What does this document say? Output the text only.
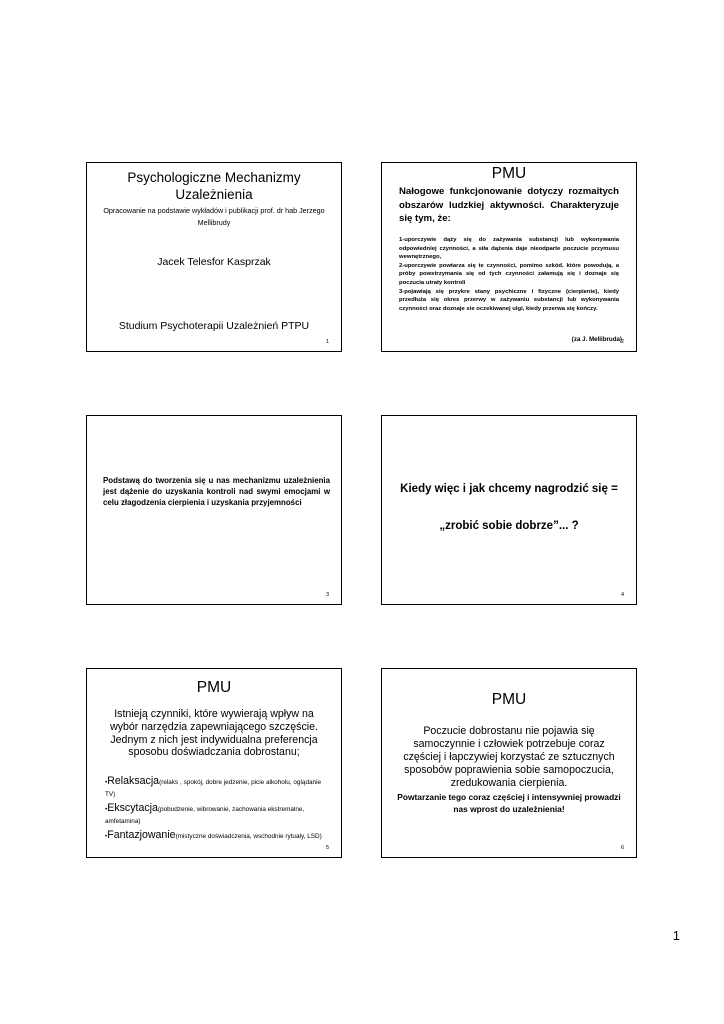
Psychologiczne Mechanizmy Uzależnienia
Opracowanie na podstawie wykładów i publikacji prof. dr hab Jerzego Mellibrudy
Jacek Telesfor Kasprzak
Studium Psychoterapii Uzależnień PTPU
1
PMU
Nałogowe funkcjonowanie dotyczy rozmaitych obszarów ludzkiej aktywności. Charakteryzuje się tym, że:

1-uporczywie dąży się do zażywania substancji lub wykonywania odpowiedniej czynności, a siła dążenia daje nieodparte poczucie przymusu wewnętrznego,

2-uporczywie powtarza się te czynności, pomimo szkód, które powodują, a próby powstrzymania się od tych czynności załamują się i doznaje się poczucia utraty kontroli

3-pojawiają się przykre stany psychiczne i fizyczne (cierpienie), kiedy przedłuża się okres przerwy w zażywaniu substancji lub wykonywania czynności oraz doznaje sie oczekiwanej ulgi, kiedy przerwa się kończy.

(za J. Mellibruda)
2
Podstawą do tworzenia się u nas mechanizmu uzależnienia jest dążenie do uzyskania kontroli nad swymi emocjami w celu złagodzenia cierpienia i uzyskania przyjemności
3
Kiedy więc i jak chcemy nagrodzić się =
„zrobić sobie dobrze”... ?
4
PMU
Istnieją czynniki, które wywierają wpływ na wybór narzędzia zapewniającego szczęście. Jednym z nich jest indywidualna preferencja sposobu doświadczania dobrostanu;
•Relaksacja(relaks , spokój, dobre jedzenie, picie alkoholu, oglądanie TV)
•Ekscytacja(pobudzenie, wibrowanie, zachowania ekstremalne, amfetamina)
•Fantazjowanie(mistyczne doświadczenia, wschodnie rytuały, LSD)
5
PMU
Poczucie dobrostanu nie pojawia się samoczynnie i człowiek potrzebuje coraz częściej i łapczywiej korzystać ze sztucznych sposobów poprawienia sobie samopoczucia, zredukowania cierpienia.
Powtarzanie tego coraz częściej i intensywniej prowadzi nas wprost do uzależnienia!
6
1
